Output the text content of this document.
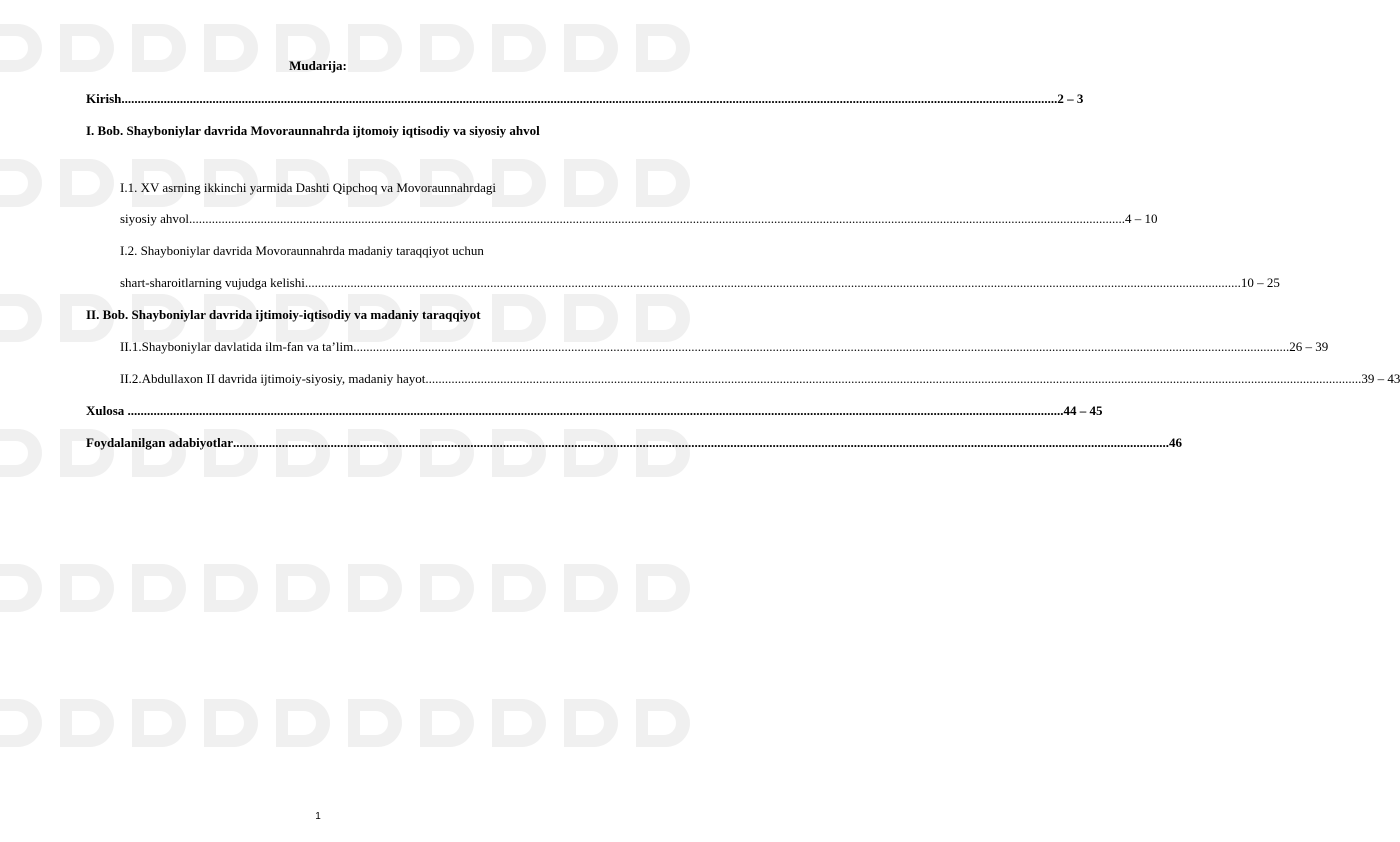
Mudarija:
Kirish ................................................................................................................................................................................................................................................................................................ 2 – 3
I. Bob. Shayboniylar davrida Movoraunnahrda ijtomoiy iqtisodiy va siyosiy ahvol
I.1. XV asrning ikkinchi yarmida Dashti Qipchoq va Movoraunnahrdagi
siyosiy ahvol ................................................................................................................................................................................................................................................................................................ 4 – 10
I.2. Shayboniylar davrida Movoraunnahrda madaniy taraqqiyot uchun
shart-sharoitlarning vujudga kelishi ................................................................................................................................................................................................................................................................................................ 10 – 25
II. Bob. Shayboniylar davrida ijtimoiy-iqtisodiy va madaniy taraqqiyot
II.1.Shayboniylar davlatida ilm-fan va ta’lim ................................................................................................................................................................................................................................................................................................ 26 – 39
II.2.Abdullaxon II davrida ijtimoiy-siyosiy, madaniy hayot ................................................................................................................................................................................................................................................................................................ 39 – 43
Xulosa ................................................................................................................................................................................................................................................................................................ 44 – 45
Foydalanilgan adabiyotlar ................................................................................................................................................................................................................................................................................................ 46
1
